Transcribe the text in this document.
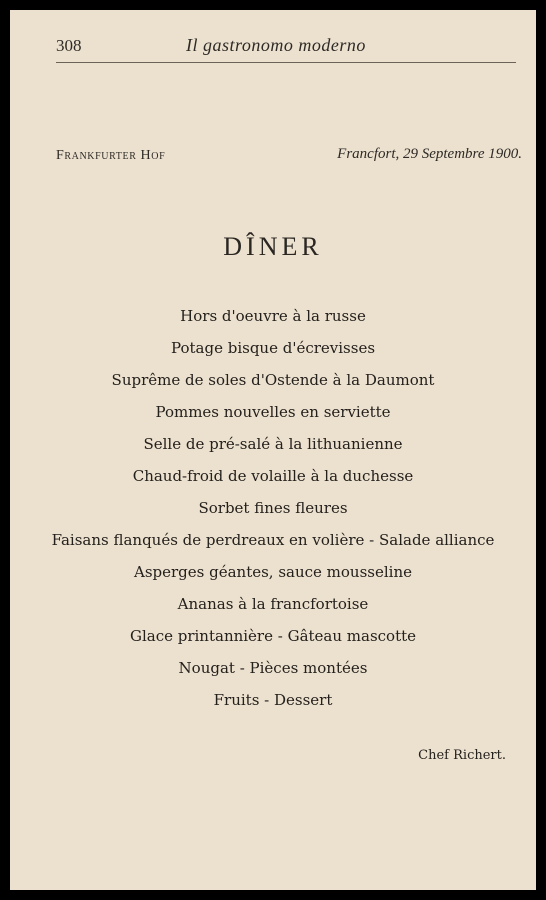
308	Il gastronomo moderno
Frankfurter Hof	Francfort, 29 Septembre 1900.
DÎNER
Hors d'oeuvre à la russe
Potage bisque d'écrevisses
Suprême de soles d'Ostende à la Daumont
Pommes nouvelles en serviette
Selle de pré-salé à la lithuanienne
Chaud-froid de volaille à la duchesse
Sorbet fines fleures
Faisans flanqués de perdreaux en volière - Salade alliance
Asperges géantes, sauce mousseline
Ananas à la francfortoise
Glace printannière - Gâteau mascotte
Nougat - Pièces montées
Fruits - Dessert
Chef Richert.
